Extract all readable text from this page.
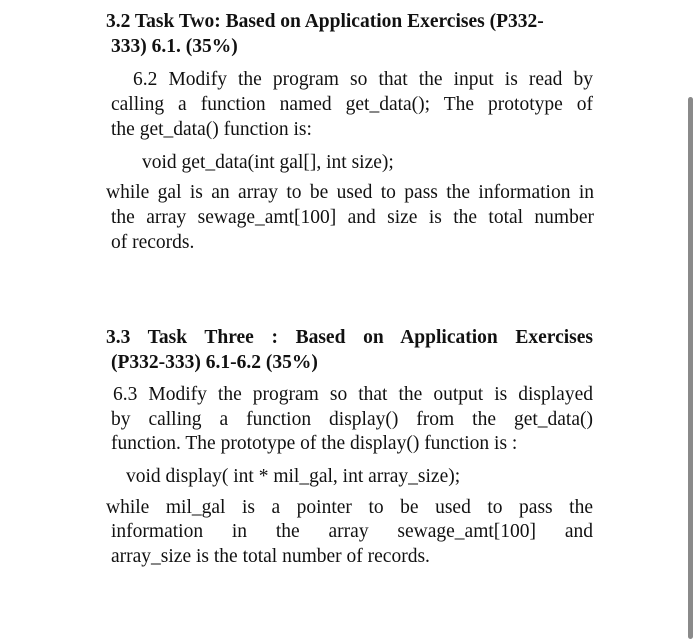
3.2 Task Two: Based on Application Exercises (P332-
333) 6.1. (35%)
6.2 Modify the program so that the input is read by
calling a function named get_data(); The prototype of
the get_data() function is:
void get_data(int gal[], int size);
while gal is an array to be used to pass the information in
the array sewage_amt[100] and size is the total number
of records.
3.3 Task Three : Based on Application Exercises
(P332-333) 6.1-6.2 (35%)
6.3 Modify the program so that the output is displayed
by calling a function display() from the get_data()
function. The prototype of the display() function is :
void display( int * mil_gal, int array_size);
while mil_gal is a pointer to be used to pass the
information in the array sewage_amt[100] and
array_size is the total number of records.
